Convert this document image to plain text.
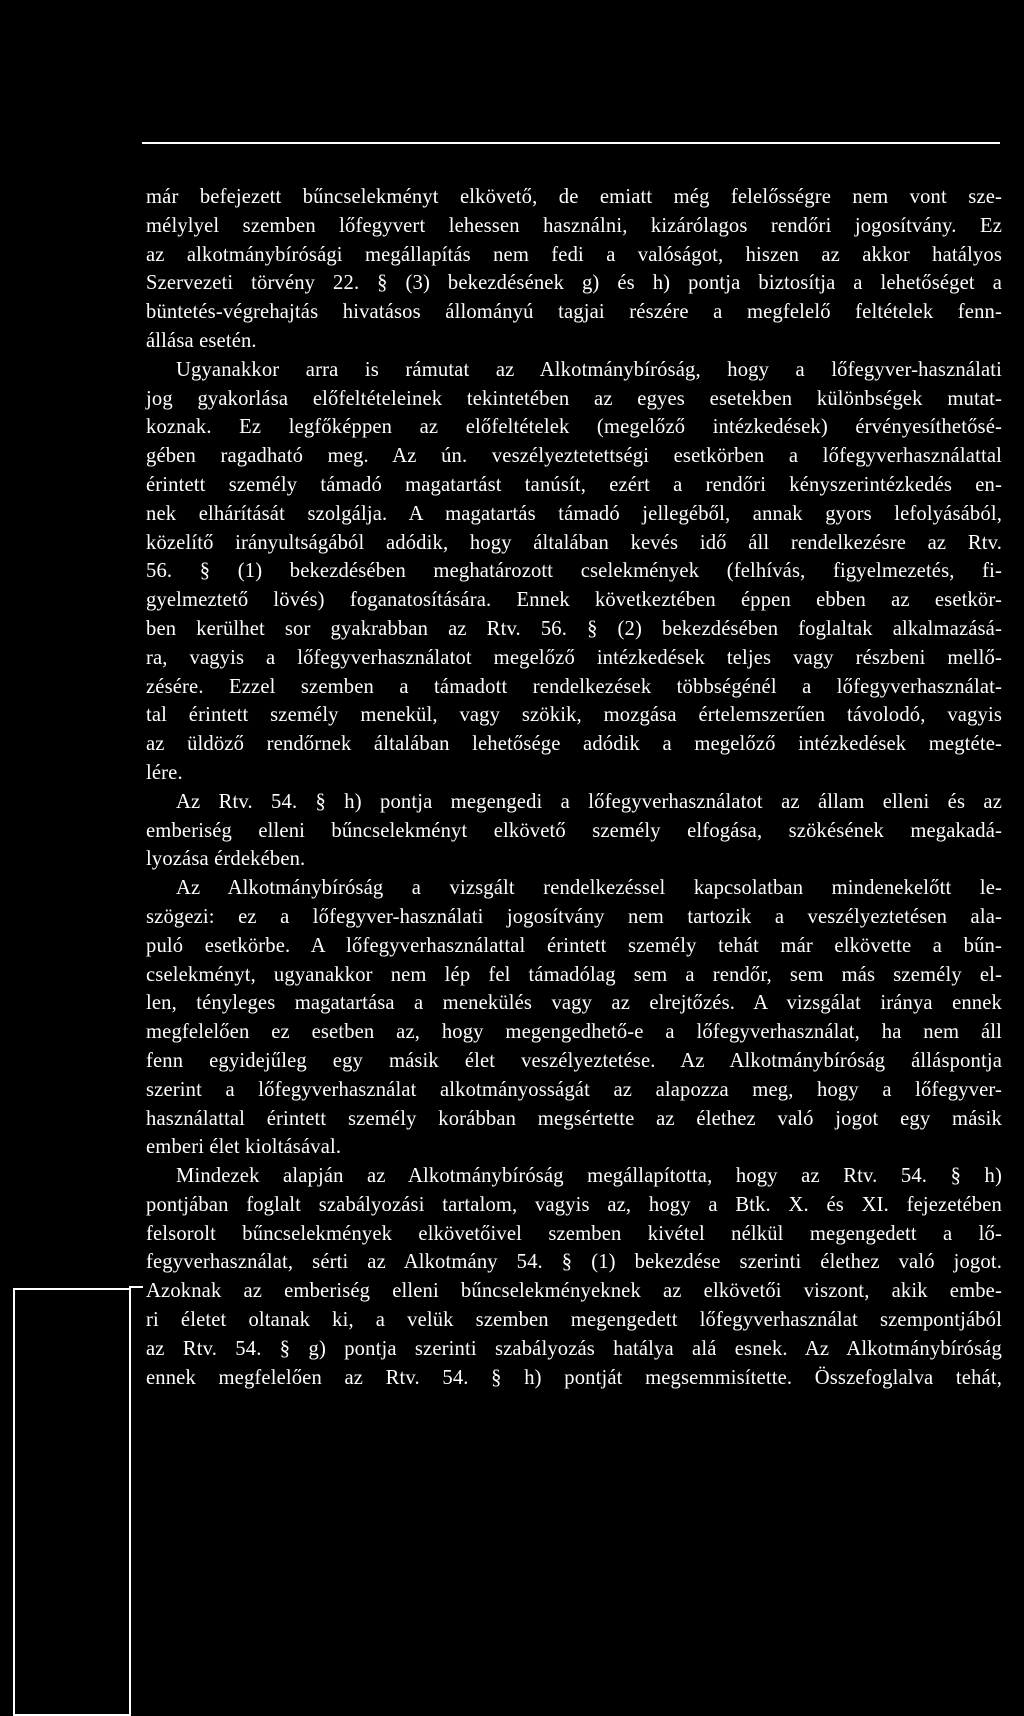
már befejezett bűncselekményt elkövető, de emiatt még felelősségre nem vont sze-
mélylyel szemben lőfegyvert lehessen használni, kizárólagos rendőri jogosítvány. Ez
az alkotmánybírósági megállapítás nem fedi a valóságot, hiszen az akkor hatályos
Szervezeti törvény 22. § (3) bekezdésének g) és h) pontja biztosítja a lehetőséget a
büntetés-végrehajtás hivatásos állományú tagjai részére a megfelelő feltételek fenn-
állása esetén.
Ugyanakkor arra is rámutat az Alkotmánybíróság, hogy a lőfegyver-használati
jog gyakorlása előfeltételeinek tekintetében az egyes esetekben különbségek mutat-
koznak. Ez legfőképpen az előfeltételek (megelőző intézkedések) érvényesíthetősé-
gében ragadható meg. Az ún. veszélyeztetettségi esetkörben a lőfegyverhasználattal
érintett személy támadó magatartást tanúsít, ezért a rendőri kényszerintézkedés en-
nek elhárítását szolgálja. A magatartás támadó jellegéből, annak gyors lefolyásából,
közelítő irányultságából adódik, hogy általában kevés idő áll rendelkezésre az Rtv.
56. § (1) bekezdésében meghatározott cselekmények (felhívás, figyelmezetés, fi-
gyelmeztető lövés) foganatosítására. Ennek következtében éppen ebben az esetkör-
ben kerülhet sor gyakrabban az Rtv. 56. § (2) bekezdésében foglaltak alkalmazásá-
ra, vagyis a lőfegyverhasználatot megelőző intézkedések teljes vagy részbeni mellő-
zésére. Ezzel szemben a támadott rendelkezések többségénél a lőfegyverhasználat-
tal érintett személy menekül, vagy szökik, mozgása értelemszerűen távolodó, vagyis
az üldöző rendőrnek általában lehetősége adódik a megelőző intézkedések megtéte-
lére.
Az Rtv. 54. § h) pontja megengedi a lőfegyverhasználatot az állam elleni és az
emberiség elleni bűncselekményt elkövető személy elfogása, szökésének megakadá-
lyozása érdekében.
Az Alkotmánybíróság a vizsgált rendelkezéssel kapcsolatban mindenekelőtt le-
szögezi: ez a lőfegyver-használati jogosítvány nem tartozik a veszélyeztetésen ala-
puló esetkörbe. A lőfegyverhasználattal érintett személy tehát már elkövette a bűn-
cselekményt, ugyanakkor nem lép fel támadólag sem a rendőr, sem más személy el-
len, tényleges magatartása a menekülés vagy az elrejtőzés. A vizsgálat iránya ennek
megfelelően ez esetben az, hogy megengedhető-e a lőfegyverhasználat, ha nem áll
fenn egyidejűleg egy másik élet veszélyeztetése. Az Alkotmánybíróság álláspontja
szerint a lőfegyverhasználat alkotmányosságát az alapozza meg, hogy a lőfegyver-
használattal érintett személy korábban megsértette az élethez való jogot egy másik
emberi élet kioltásával.
Mindezek alapján az Alkotmánybíróság megállapította, hogy az Rtv. 54. § h)
pontjában foglalt szabályozási tartalom, vagyis az, hogy a Btk. X. és XI. fejezetében
felsorolt bűncselekmények elkövetőivel szemben kivétel nélkül megengedett a lő-
fegyverhasználat, sérti az Alkotmány 54. § (1) bekezdése szerinti élethez való jogot.
Azoknak az emberiség elleni bűncselekményeknek az elkövetői viszont, akik embe-
ri életet oltanak ki, a velük szemben megengedett lőfegyverhasználat szempontjából
az Rtv. 54. § g) pontja szerinti szabályozás hatálya alá esnek. Az Alkotmánybíróság
ennek megfelelően az Rtv. 54. § h) pontját megsemmisítette. Összefoglalva tehát,
